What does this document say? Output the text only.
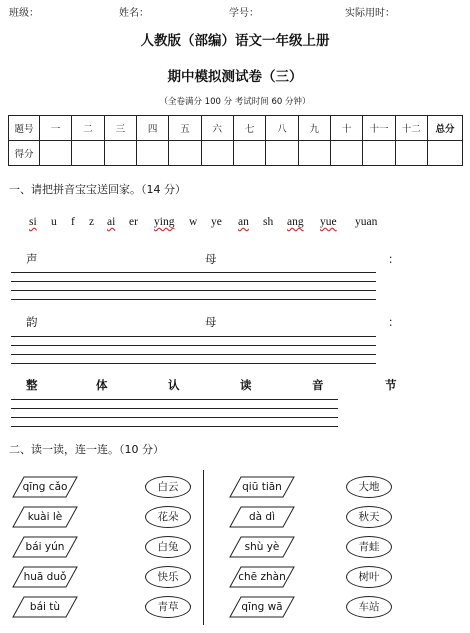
班级：	姓名：	学号：	实际用时：
人教版（部编）语文一年级上册
期中模拟测试卷（三）
（全卷满分 100 分 考试时间 60 分钟）
题号	一	二	三	四	五	六	七	八	九	十	十一	十二	总分
得分													
一、请把拼音宝宝送回家。（14 分）
si u f z ai er ying w ye an sh ang yue yuan
声	母	：
韵	母	：
整	体	认	读	音	节
二、读一读，连一连。（10 分）
qīng cǎo
kuài lè
bái yún
huā duǒ
bái tù
白云
花朵
白兔
快乐
青草
qiū tiān
dà dì
shù yè
chē zhàn
qīng wā
大地
秋天
青蛙
树叶
车站
